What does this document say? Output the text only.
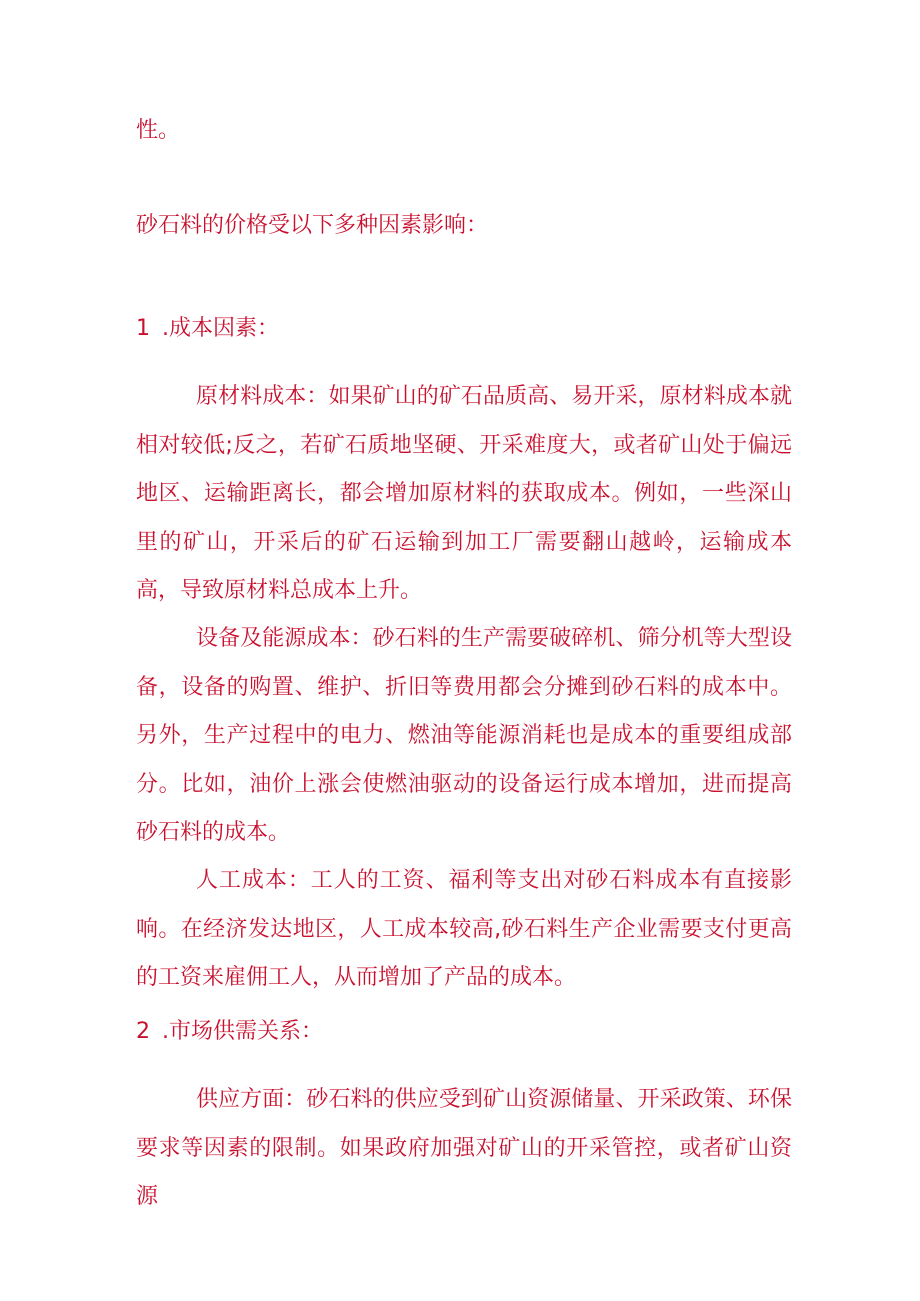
性。
砂石料的价格受以下多种因素影响：
1 .成本因素：

原材料成本：如果矿山的矿石品质高、易开采，原材料成本就相对较低;反之，若矿石质地坚硬、开采难度大，或者矿山处于偏远地区、运输距离长，都会增加原材料的获取成本。例如，一些深山里的矿山，开采后的矿石运输到加工厂需要翻山越岭，运输成本高，导致原材料总成本上升。

设备及能源成本：砂石料的生产需要破碎机、筛分机等大型设备，设备的购置、维护、折旧等费用都会分摊到砂石料的成本中。另外，生产过程中的电力、燃油等能源消耗也是成本的重要组成部分。比如，油价上涨会使燃油驱动的设备运行成本增加，进而提高砂石料的成本。

人工成本：工人的工资、福利等支出对砂石料成本有直接影响。在经济发达地区，人工成本较高,砂石料生产企业需要支付更高的工资来雇佣工人，从而增加了产品的成本。

2 .市场供需关系：

供应方面：砂石料的供应受到矿山资源储量、开采政策、环保要求等因素的限制。如果政府加强对矿山的开采管控，或者矿山资源
